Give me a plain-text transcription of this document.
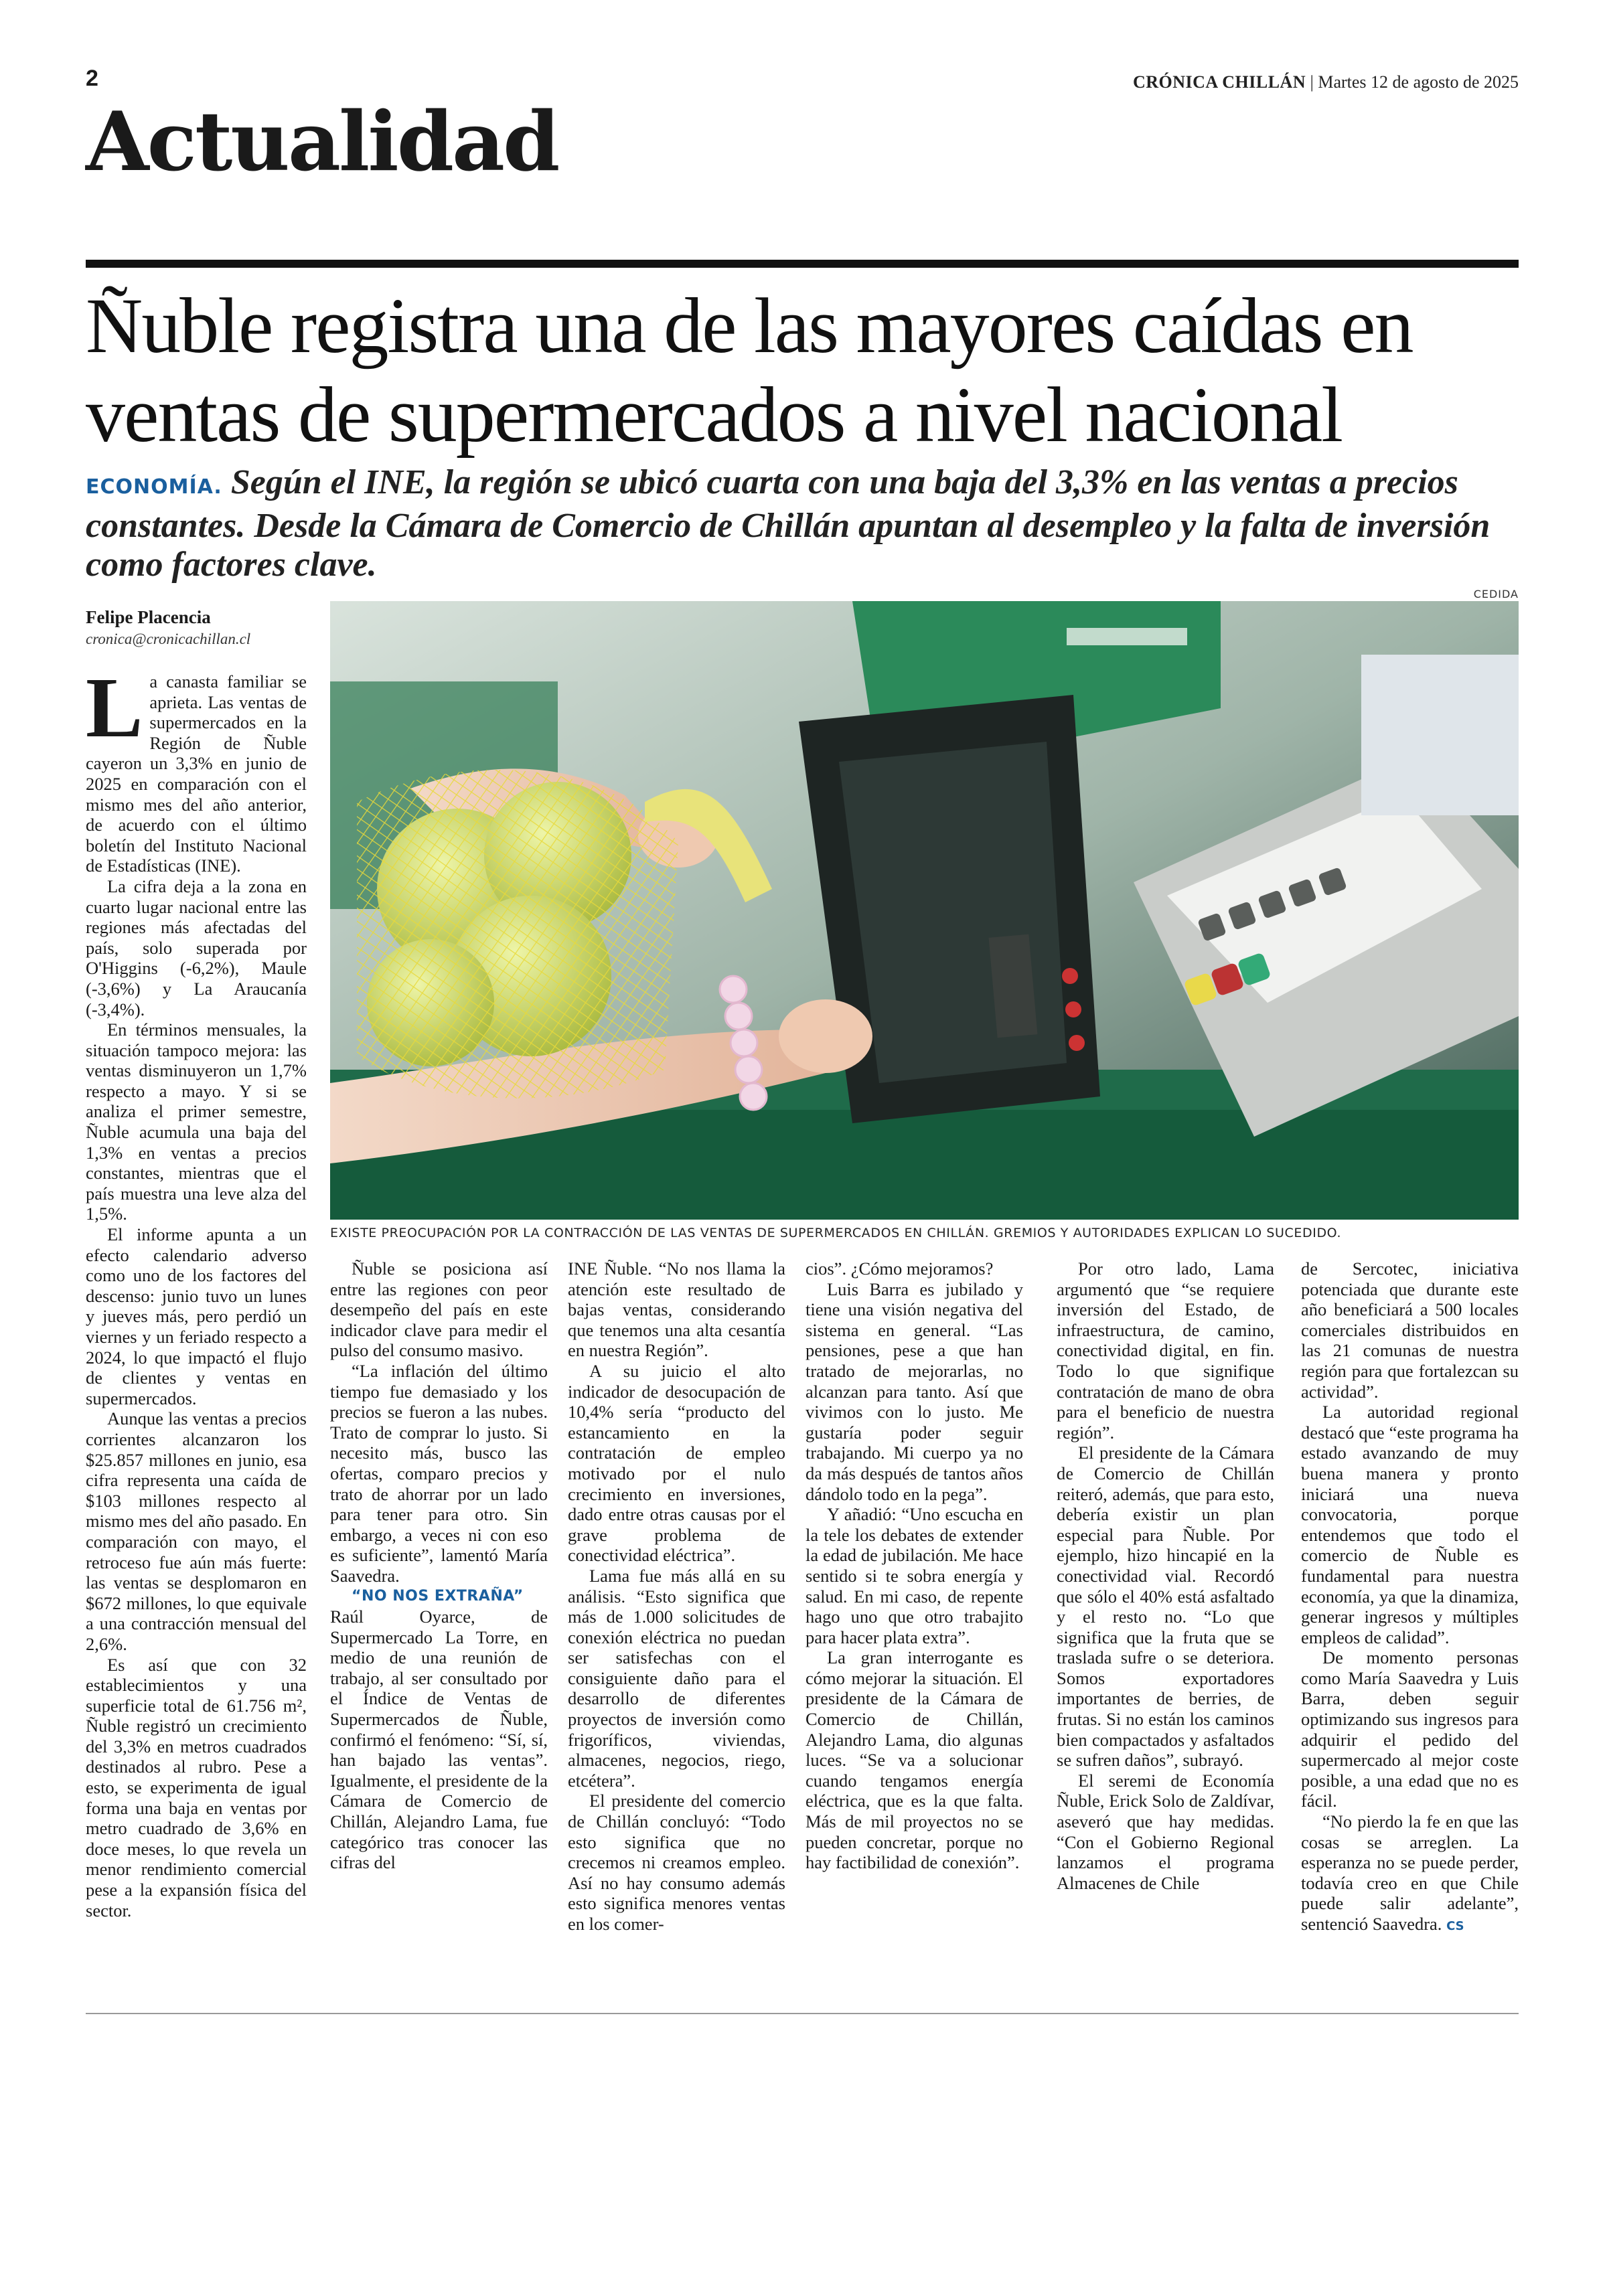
2	CRÓNICA CHILLÁN | Martes 12 de agosto de 2025
Actualidad
Ñuble registra una de las mayores caídas en
ventas de supermercados a nivel nacional
ECONOMÍA. Según el INE, la región se ubicó cuarta con una baja del 3,3% en las ventas a precios constantes. Desde la Cámara de Comercio de Chillán apuntan al desempleo y la falta de inversión como factores clave.
Felipe Placencia
cronica@cronicachillan.cl
CEDIDA
EXISTE PREOCUPACIÓN POR LA CONTRACCIÓN DE LAS VENTAS DE SUPERMERCADOS EN CHILLÁN. GREMIOS Y AUTORIDADES EXPLICAN LO SUCEDIDO.

La canasta familiar se aprieta. Las ventas de supermercados en la Región de Ñuble cayeron un 3,3% en junio de 2025 en comparación con el mismo mes del año anterior, de acuerdo con el último boletín del Instituto Nacional de Estadísticas (INE).

La cifra deja a la zona en cuarto lugar nacional entre las regiones más afectadas del país, solo superada por O'Higgins (-6,2%), Maule (-3,6%) y La Araucanía (-3,4%).

En términos mensuales, la situación tampoco mejora: las ventas disminuyeron un 1,7% respecto a mayo. Y si se analiza el primer semestre, Ñuble acumula una baja del 1,3% en ventas a precios constantes, mientras que el país muestra una leve alza del 1,5%.

El informe apunta a un efecto calendario adverso como uno de los factores del descenso: junio tuvo un lunes y jueves más, pero perdió un viernes y un feriado respecto a 2024, lo que impactó el flujo de clientes y ventas en supermercados.

Aunque las ventas a precios corrientes alcanzaron los $25.857 millones en junio, esa cifra representa una caída de $103 millones respecto al mismo mes del año pasado. En comparación con mayo, el retroceso fue aún más fuerte: las ventas se desplomaron en $672 millones, lo que equivale a una contracción mensual del 2,6%.

Es así que con 32 establecimientos y una superficie total de 61.756 m², Ñuble registró un crecimiento del 3,3% en metros cuadrados destinados al rubro. Pese a esto, se experimenta de igual forma una baja en ventas por metro cuadrado de 3,6% en doce meses, lo que revela un menor rendimiento comercial pese a la expansión física del sector.

Ñuble se posiciona así entre las regiones con peor desempeño del país en este indicador clave para medir el pulso del consumo masivo.

“La inflación del último tiempo fue demasiado y los precios se fueron a las nubes. Trato de comprar lo justo. Si necesito más, busco las ofertas, comparo precios y trato de ahorrar por un lado para tener para otro. Sin embargo, a veces ni con eso es suficiente”, lamentó María Saavedra.

“NO NOS EXTRAÑA”

Raúl Oyarce, de Supermercado La Torre, en medio de una reunión de trabajo, al ser consultado por el Índice de Ventas de Supermercados de Ñuble, confirmó el fenómeno: “Sí, sí, han bajado las ventas”. Igualmente, el presidente de la Cámara de Comercio de Chillán, Alejandro Lama, fue categórico tras conocer las cifras del

INE Ñuble. “No nos llama la atención este resultado de bajas ventas, considerando que tenemos una alta cesantía en nuestra Región”.

A su juicio el alto indicador de desocupación de 10,4% sería “producto del estancamiento en la contratación de empleo motivado por el nulo crecimiento en inversiones, dado entre otras causas por el grave problema de conectividad eléctrica”.

Lama fue más allá en su análisis. “Esto significa que más de 1.000 solicitudes de conexión eléctrica no puedan ser satisfechas con el consiguiente daño para el desarrollo de diferentes proyectos de inversión como frigoríficos, viviendas, almacenes, negocios, riego, etcétera”.

El presidente del comercio de Chillán concluyó: “Todo esto significa que no crecemos ni creamos empleo. Así no hay consumo además esto significa menores ventas en los comer-

cios”. ¿Cómo mejoramos?

Luis Barra es jubilado y tiene una visión negativa del sistema en general. “Las pensiones, pese a que han tratado de mejorarlas, no alcanzan para tanto. Así que vivimos con lo justo. Me gustaría poder seguir trabajando. Mi cuerpo ya no da más después de tantos años dándolo todo en la pega”.

Y añadió: “Uno escucha en la tele los debates de extender la edad de jubilación. Me hace sentido si te sobra energía y salud. En mi caso, de repente hago uno que otro trabajito para hacer plata extra”.

La gran interrogante es cómo mejorar la situación. El presidente de la Cámara de Comercio de Chillán, Alejandro Lama, dio algunas luces. “Se va a solucionar cuando tengamos energía eléctrica, que es la que falta. Más de mil proyectos no se pueden concretar, porque no hay factibilidad de conexión”.

Por otro lado, Lama argumentó que “se requiere inversión del Estado, de infraestructura, de camino, conectividad digital, en fin. Todo lo que signifique contratación de mano de obra para el beneficio de nuestra región”.

El presidente de la Cámara de Comercio de Chillán reiteró, además, que para esto, debería existir un plan especial para Ñuble. Por ejemplo, hizo hincapié en la conectividad vial. Recordó que sólo el 40% está asfaltado y el resto no. “Lo que significa que la fruta que se traslada sufre o se deteriora. Somos exportadores importantes de berries, de frutas. Si no están los caminos bien compactados y asfaltados se sufren daños”, subrayó.

El seremi de Economía Ñuble, Erick Solo de Zaldívar, aseveró que hay medidas. “Con el Gobierno Regional lanzamos el programa Almacenes de Chile

de Sercotec, iniciativa potenciada que durante este año beneficiará a 500 locales comerciales distribuidos en las 21 comunas de nuestra región para que fortalezcan su actividad”.

La autoridad regional destacó que “este programa ha estado avanzando de muy buena manera y pronto iniciará una nueva convocatoria, porque entendemos que todo el comercio de Ñuble es fundamental para nuestra economía, ya que la dinamiza, generar ingresos y múltiples empleos de calidad”.

De momento personas como María Saavedra y Luis Barra, deben seguir optimizando sus ingresos para adquirir el pedido del supermercado al mejor coste posible, a una edad que no es fácil.

“No pierdo la fe en que las cosas se arreglen. La esperanza no se puede perder, todavía creo en que Chile puede salir adelante”, sentenció Saavedra. CS
